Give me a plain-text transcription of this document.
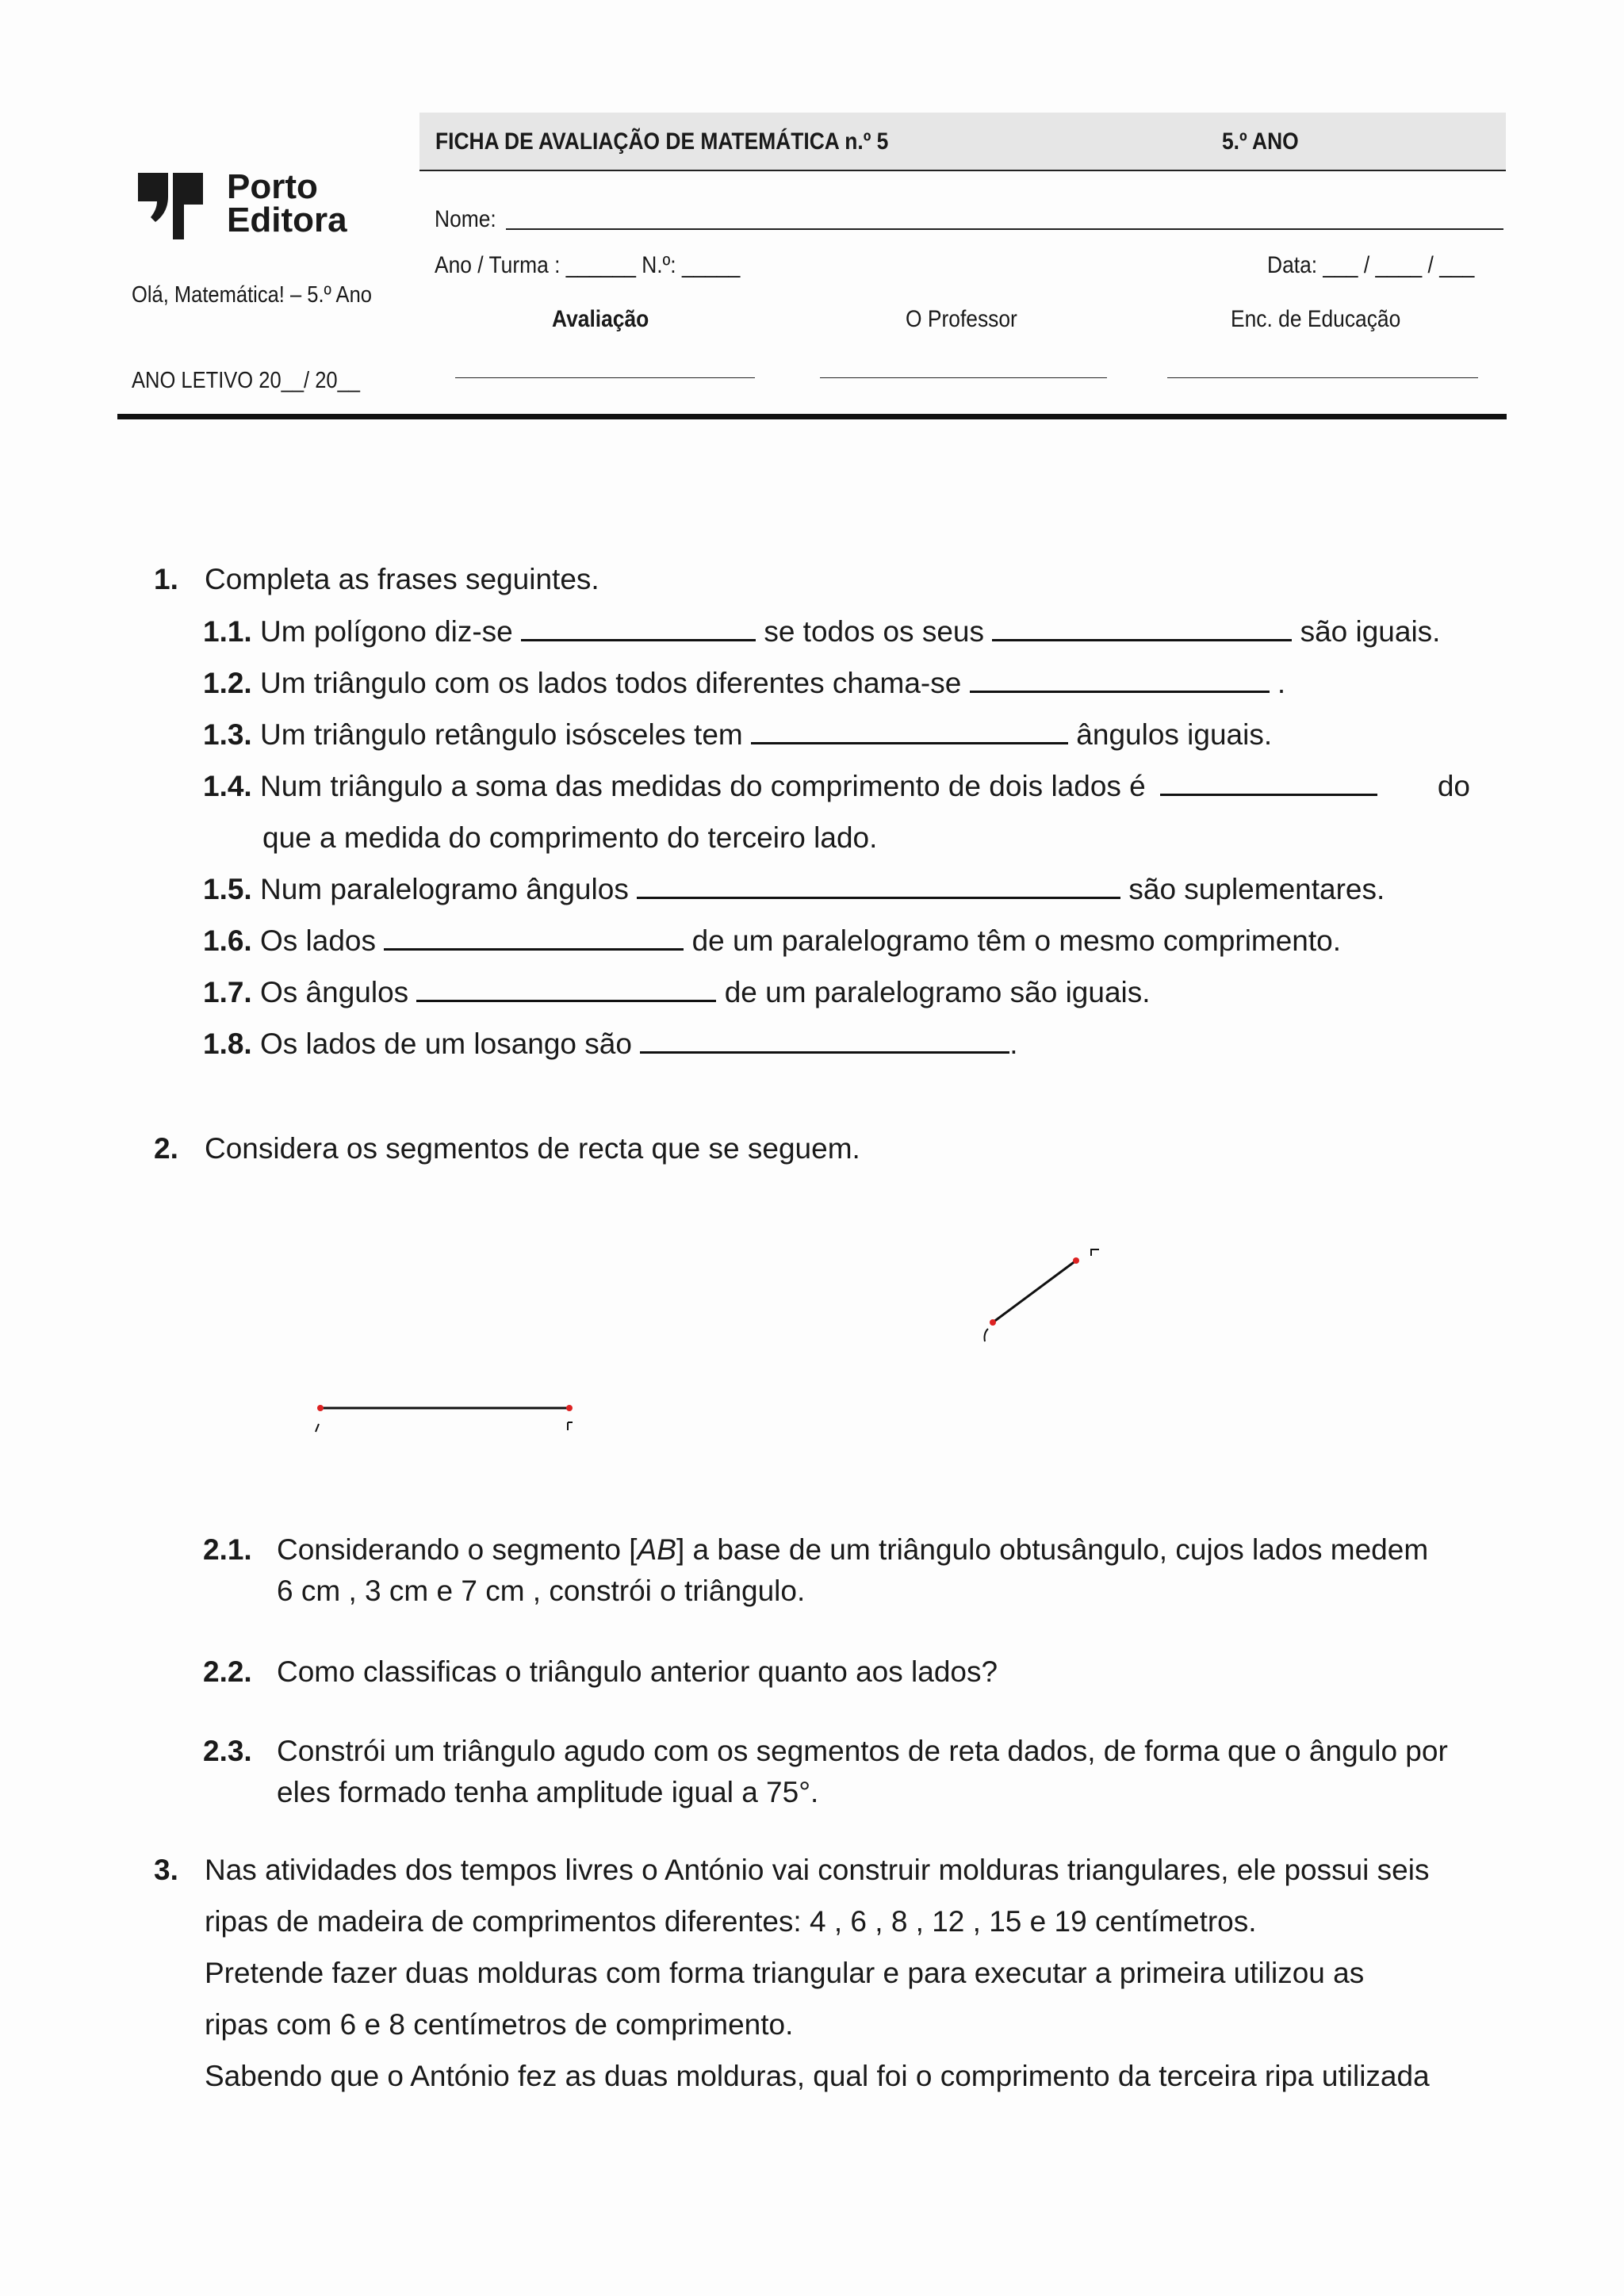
Porto
Editora
Olá, Matemática! – 5.º Ano
ANO LETIVO 20__/ 20__
FICHA DE AVALIAÇÃO DE MATEMÁTICA n.º 5	5.º ANO
Nome:
Ano / Turma : ______ N.º: _____	Data: ___ / ____ / ___
Avaliação	O Professor	Enc. de Educação
1. Completa as frases seguintes.
1.1. Um polígono diz-se	se todos os seus	são iguais.
1.2. Um triângulo com os lados todos diferentes chama-se	.
1.3. Um triângulo retângulo isósceles tem	ângulos iguais.
1.4. Num triângulo a soma das medidas do comprimento de dois lados é	do
que a medida do comprimento do terceiro lado.
1.5. Num paralelogramo ângulos	são suplementares.
1.6. Os lados	de um paralelogramo têm o mesmo comprimento.
1.7. Os ângulos	de um paralelogramo são iguais.
1.8. Os lados de um losango são	.
2. Considera os segmentos de recta que se seguem.
2.1. Considerando o segmento [AB] a base de um triângulo obtusângulo, cujos lados medem
6 cm , 3 cm e 7 cm , constrói o triângulo.
2.2. Como classificas o triângulo anterior quanto aos lados?
2.3. Constrói um triângulo agudo com os segmentos de reta dados, de forma que o ângulo por
eles formado tenha amplitude igual a 75°.
3. Nas atividades dos tempos livres o António vai construir molduras triangulares, ele possui seis
ripas de madeira de comprimentos diferentes: 4 , 6 , 8 , 12 , 15 e 19 centímetros.
Pretende fazer duas molduras com forma triangular e para executar a primeira utilizou as
ripas com 6 e 8 centímetros de comprimento.
Sabendo que o António fez as duas molduras, qual foi o comprimento da terceira ripa utilizada
